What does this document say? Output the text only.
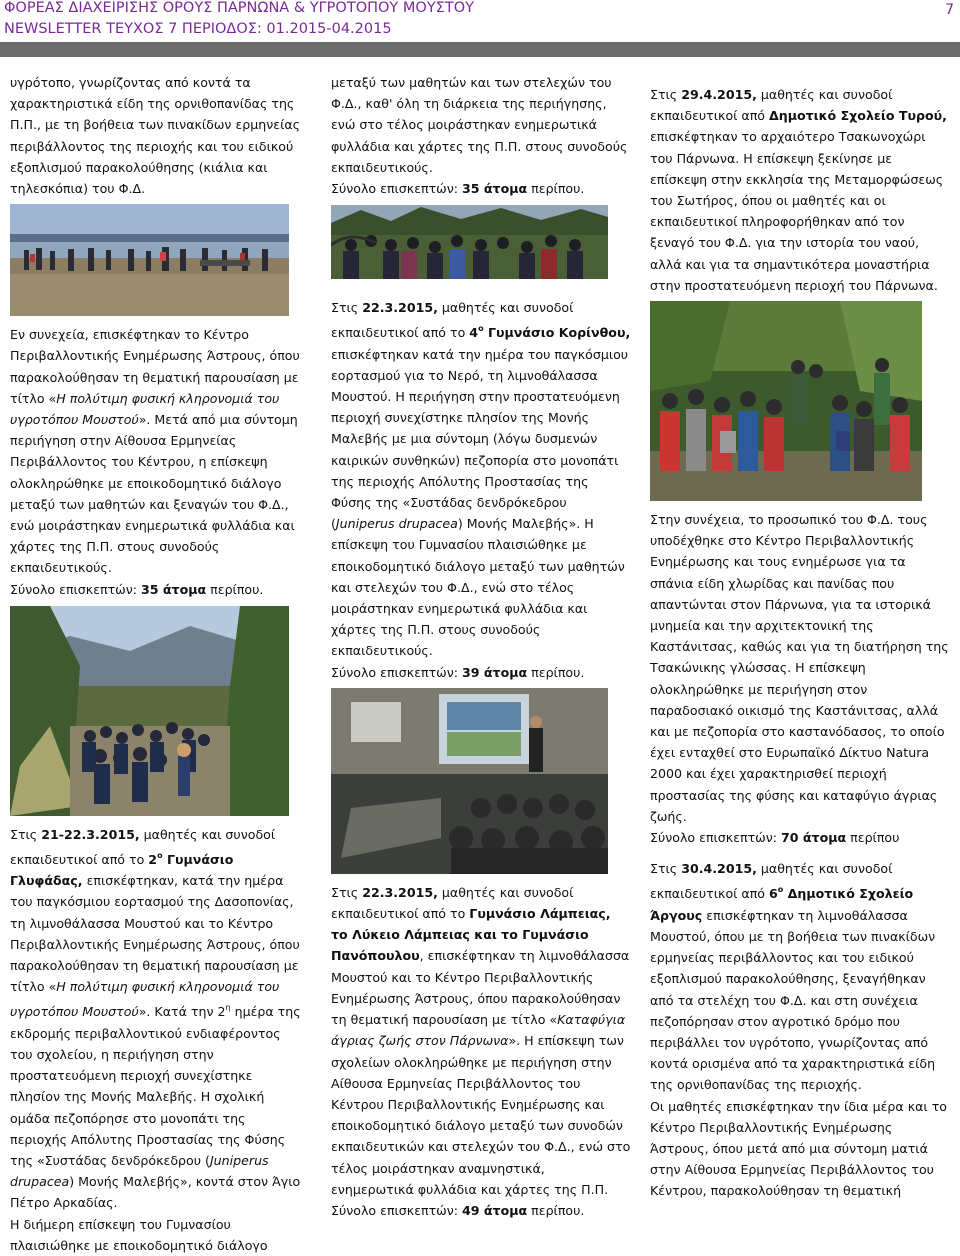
ΦΟΡΕΑΣ ΔΙΑΧΕΙΡΙΣΗΣ ΟΡΟΥΣ ΠΑΡΝΩΝΑ & ΥΓΡΟΤΟΠΟΥ ΜΟΥΣΤΟΥ
NEWSLETTER ΤΕΥΧΟΣ 7 ΠΕΡΙΟΔΟΣ: 01.2015-04.2015
7

υγρότοπο, γνωρίζοντας από κοντά τα χαρακτηριστικά είδη της ορνιθοπανίδας της Π.Π., με τη βοήθεια των πινακίδων ερμηνείας περιβάλλοντος της περιοχής και του ειδικού εξοπλισμού παρακολούθησης (κιάλια και τηλεσκόπια) του Φ.Δ.

Εν συνεχεία, επισκέφτηκαν το Κέντρο Περιβαλλοντικής Ενημέρωσης Άστρους, όπου παρακολούθησαν τη θεματική παρουσίαση με τίτλο «Η πολύτιμη φυσική κληρονομιά του υγροτόπου Μουστού». Μετά από μια σύντομη περιήγηση στην Αίθουσα Ερμηνείας Περιβάλλοντος του Κέντρου, η επίσκεψη ολοκληρώθηκε με εποικοδομητικό διάλογο μεταξύ των μαθητών και ξεναγών του Φ.Δ., ενώ μοιράστηκαν ενημερωτικά φυλλάδια και χάρτες της Π.Π. στους συνοδούς εκπαιδευτικούς.

Σύνολο επισκεπτών: 35 άτομα περίπου.

Στις 21-22.3.2015, μαθητές και συνοδοί εκπαιδευτικοί από το $2^o$ Γυμνάσιο Γλυφάδας, επισκέφτηκαν, κατά την ημέρα του παγκόσμιου εορτασμού της Δασοπονίας, τη λιμνοθάλασσα Μουστού και το Κέντρο Περιβαλλοντικής Ενημέρωσης Άστρους, όπου παρακολούθησαν τη θεματική παρουσίαση με τίτλο «Η πολύτιμη φυσική κληρονομιά του υγροτόπου Μουστού». Κατά την $2^\eta$ ημέρα της εκδρομής περιβαλλοντικού ενδιαφέροντος του σχολείου, η περιήγηση στην προστατευόμενη περιοχή συνεχίστηκε πλησίον της Μονής Μαλεβής. Η σχολική ομάδα πεζοπόρησε στο μονοπάτι της περιοχής Απόλυτης Προστασίας της Φύσης της «Συστάδας δενδρόκεδρου (Juniperus drupacea) Μονής Μαλεβής», κοντά στον Άγιο Πέτρο Αρκαδίας.

Η διήμερη επίσκεψη του Γυμνασίου πλαισιώθηκε με εποικοδομητικό διάλογο

μεταξύ των μαθητών και των στελεχών του Φ.Δ., καθ' όλη τη διάρκεια της περιήγησης, ενώ στο τέλος μοιράστηκαν ενημερωτικά φυλλάδια και χάρτες της Π.Π. στους συνοδούς εκπαιδευτικούς.

Σύνολο επισκεπτών: 35 άτομα περίπου.

Στις 22.3.2015, μαθητές και συνοδοί εκπαιδευτικοί από το $4^o$ Γυμνάσιο Κορίνθου, επισκέφτηκαν κατά την ημέρα του παγκόσμιου εορτασμού για το Νερό, τη λιμνοθάλασσα Μουστού. Η περιήγηση στην προστατευόμενη περιοχή συνεχίστηκε πλησίον της Μονής Μαλεβής με μια σύντομη (λόγω δυσμενών καιρικών συνθηκών) πεζοπορία στο μονοπάτι της περιοχής Απόλυτης Προστασίας της Φύσης της «Συστάδας δενδρόκεδρου (Juniperus drupacea) Μονής Μαλεβής». Η επίσκεψη του Γυμνασίου πλαισιώθηκε με εποικοδομητικό διάλογο μεταξύ των μαθητών και στελεχών του Φ.Δ., ενώ στο τέλος μοιράστηκαν ενημερωτικά φυλλάδια και χάρτες της Π.Π. στους συνοδούς εκπαιδευτικούς.

Σύνολο επισκεπτών: 39 άτομα περίπου.

Στις 22.3.2015, μαθητές και συνοδοί εκπαιδευτικοί από το Γυμνάσιο Λάμπειας, το Λύκειο Λάμπειας και το Γυμνάσιο Πανόπουλου, επισκέφτηκαν τη λιμνοθάλασσα Μουστού και το Κέντρο Περιβαλλοντικής Ενημέρωσης Άστρους, όπου παρακολούθησαν τη θεματική παρουσίαση με τίτλο «Καταφύγια άγριας ζωής στον Πάρνωνα». Η επίσκεψη των σχολείων ολοκληρώθηκε με περιήγηση στην Αίθουσα Ερμηνείας Περιβάλλοντος του Κέντρου Περιβαλλοντικής Ενημέρωσης και εποικοδομητικό διάλογο μεταξύ των συνοδών εκπαιδευτικών και στελεχών του Φ.Δ., ενώ στο τέλος μοιράστηκαν αναμνηστικά, ενημερωτικά φυλλάδια και χάρτες της Π.Π.

Σύνολο επισκεπτών: 49 άτομα περίπου.

Στις 29.4.2015, μαθητές και συνοδοί εκπαιδευτικοί από Δημοτικό Σχολείο Τυρού, επισκέφτηκαν το αρχαιότερο Τσακωνοχώρι του Πάρνωνα. Η επίσκεψη ξεκίνησε με επίσκεψη στην εκκλησία της Μεταμορφώσεως του Σωτήρος, όπου οι μαθητές και οι εκπαιδευτικοί πληροφορήθηκαν από τον ξεναγό του Φ.Δ. για την ιστορία του ναού, αλλά και για τα σημαντικότερα μοναστήρια στην προστατευόμενη περιοχή του Πάρνωνα.

Στην συνέχεια, το προσωπικό του Φ.Δ. τους υποδέχθηκε στο Κέντρο Περιβαλλοντικής Ενημέρωσης και τους ενημέρωσε για τα σπάνια είδη χλωρίδας και πανίδας που απαντώνται στον Πάρνωνα, για τα ιστορικά μνημεία και την αρχιτεκτονική της Καστάνιτσας, καθώς και για τη διατήρηση της Τσακώνικης γλώσσας. Η επίσκεψη ολοκληρώθηκε με περιήγηση στον παραδοσιακό οικισμό της Καστάνιτσας, αλλά και με πεζοπορία στο καστανόδασος, το οποίο έχει ενταχθεί στο Ευρωπαϊκό Δίκτυο Natura 2000 και έχει χαρακτηρισθεί περιοχή προστασίας της φύσης και καταφύγιο άγριας ζωής.

Σύνολο επισκεπτών: 70 άτομα περίπου

Στις 30.4.2015, μαθητές και συνοδοί εκπαιδευτικοί από $6^o$ Δημοτικό Σχολείο Άργους επισκέφτηκαν τη λιμνοθάλασσα Μουστού, όπου με τη βοήθεια των πινακίδων ερμηνείας περιβάλλοντος και του ειδικού εξοπλισμού παρακολούθησης, ξεναγήθηκαν από τα στελέχη του Φ.Δ. και στη συνέχεια πεζοπόρησαν στον αγροτικό δρόμο που περιβάλλει τον υγρότοπο, γνωρίζοντας από κοντά ορισμένα από τα χαρακτηριστικά είδη της ορνιθοπανίδας της περιοχής.

Οι μαθητές επισκέφτηκαν την ίδια μέρα και το Κέντρο Περιβαλλοντικής Ενημέρωσης Άστρους, όπου μετά από μια σύντομη ματιά στην Αίθουσα Ερμηνείας Περιβάλλοντος του Κέντρου, παρακολούθησαν τη θεματική
